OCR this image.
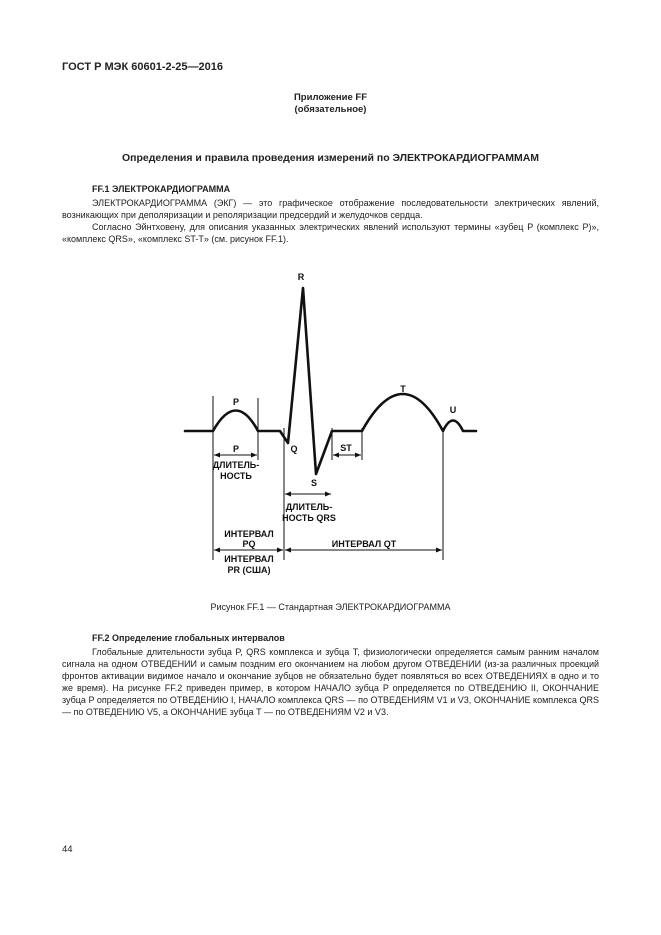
ГОСТ Р МЭК 60601-2-25—2016
Приложение FF
(обязательное)
Определения и правила проведения измерений по ЭЛЕКТРОКАРДИОГРАММАМ
FF.1 ЭЛЕКТРОКАРДИОГРАММА

ЭЛЕКТРОКАРДИОГРАММА (ЭКГ) — это графическое отображение последовательности электрических явлений, возникающих при деполяризации и реполяризации предсердий и желудочков сердца.

Согласно Эйнтховену, для описания указанных электрических явлений используют термины «зубец P (комплекс P)», «комплекс QRS», «комплекс ST-T» (см. рисунок FF.1).

R
P
T
U
Q
S
P
ДЛИТЕЛЬ-
НОСТЬ
ST
ДЛИТЕЛЬ-
НОСТЬ QRS
ИНТЕРВАЛ
PQ	ИНТЕРВАЛ QT
ИНТЕРВАЛ
PR (США)
Рисунок FF.1 — Стандартная ЭЛЕКТРОКАРДИОГРАММА
FF.2 Определение глобальных интервалов

Глобальные длительности зубца P, QRS комплекса и зубца T, физиологически определяется самым ранним началом сигнала на одном ОТВЕДЕНИИ и самым поздним его окончанием на любом другом ОТВЕДЕНИИ (из-за различных проекций фронтов активации видимое начало и окончание зубцов не обязательно будет появляться во всех ОТВЕДЕНИЯХ в одно и то же время). На рисунке FF.2 приведен пример, в котором НАЧАЛО зубца P определяется по ОТВЕДЕНИЮ II, ОКОНЧАНИЕ зубца P определяется по ОТВЕДЕНИЮ I, НАЧАЛО комплекса QRS — по ОТВЕДЕНИЯМ V1 и V3, ОКОНЧАНИЕ комплекса QRS — по ОТВЕДЕНИЮ V5, а ОКОНЧАНИЕ зубца T — по ОТВЕДЕНИЯМ V2 и V3.

44
